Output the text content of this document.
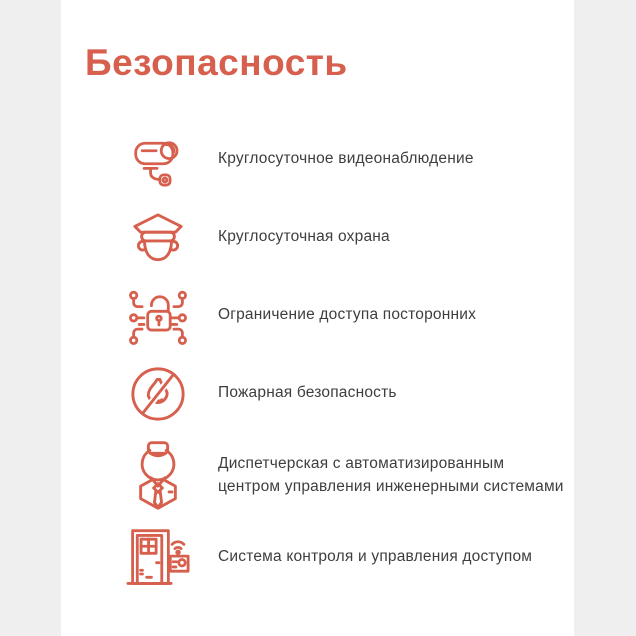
Безопасность
Круглосуточное видеонаблюдение
Круглосуточная охрана
Ограничение доступа посторонних
Пожарная безопасность
Диспетчерская с автоматизированным центром управления инженерными системами
Система контроля и управления доступом
